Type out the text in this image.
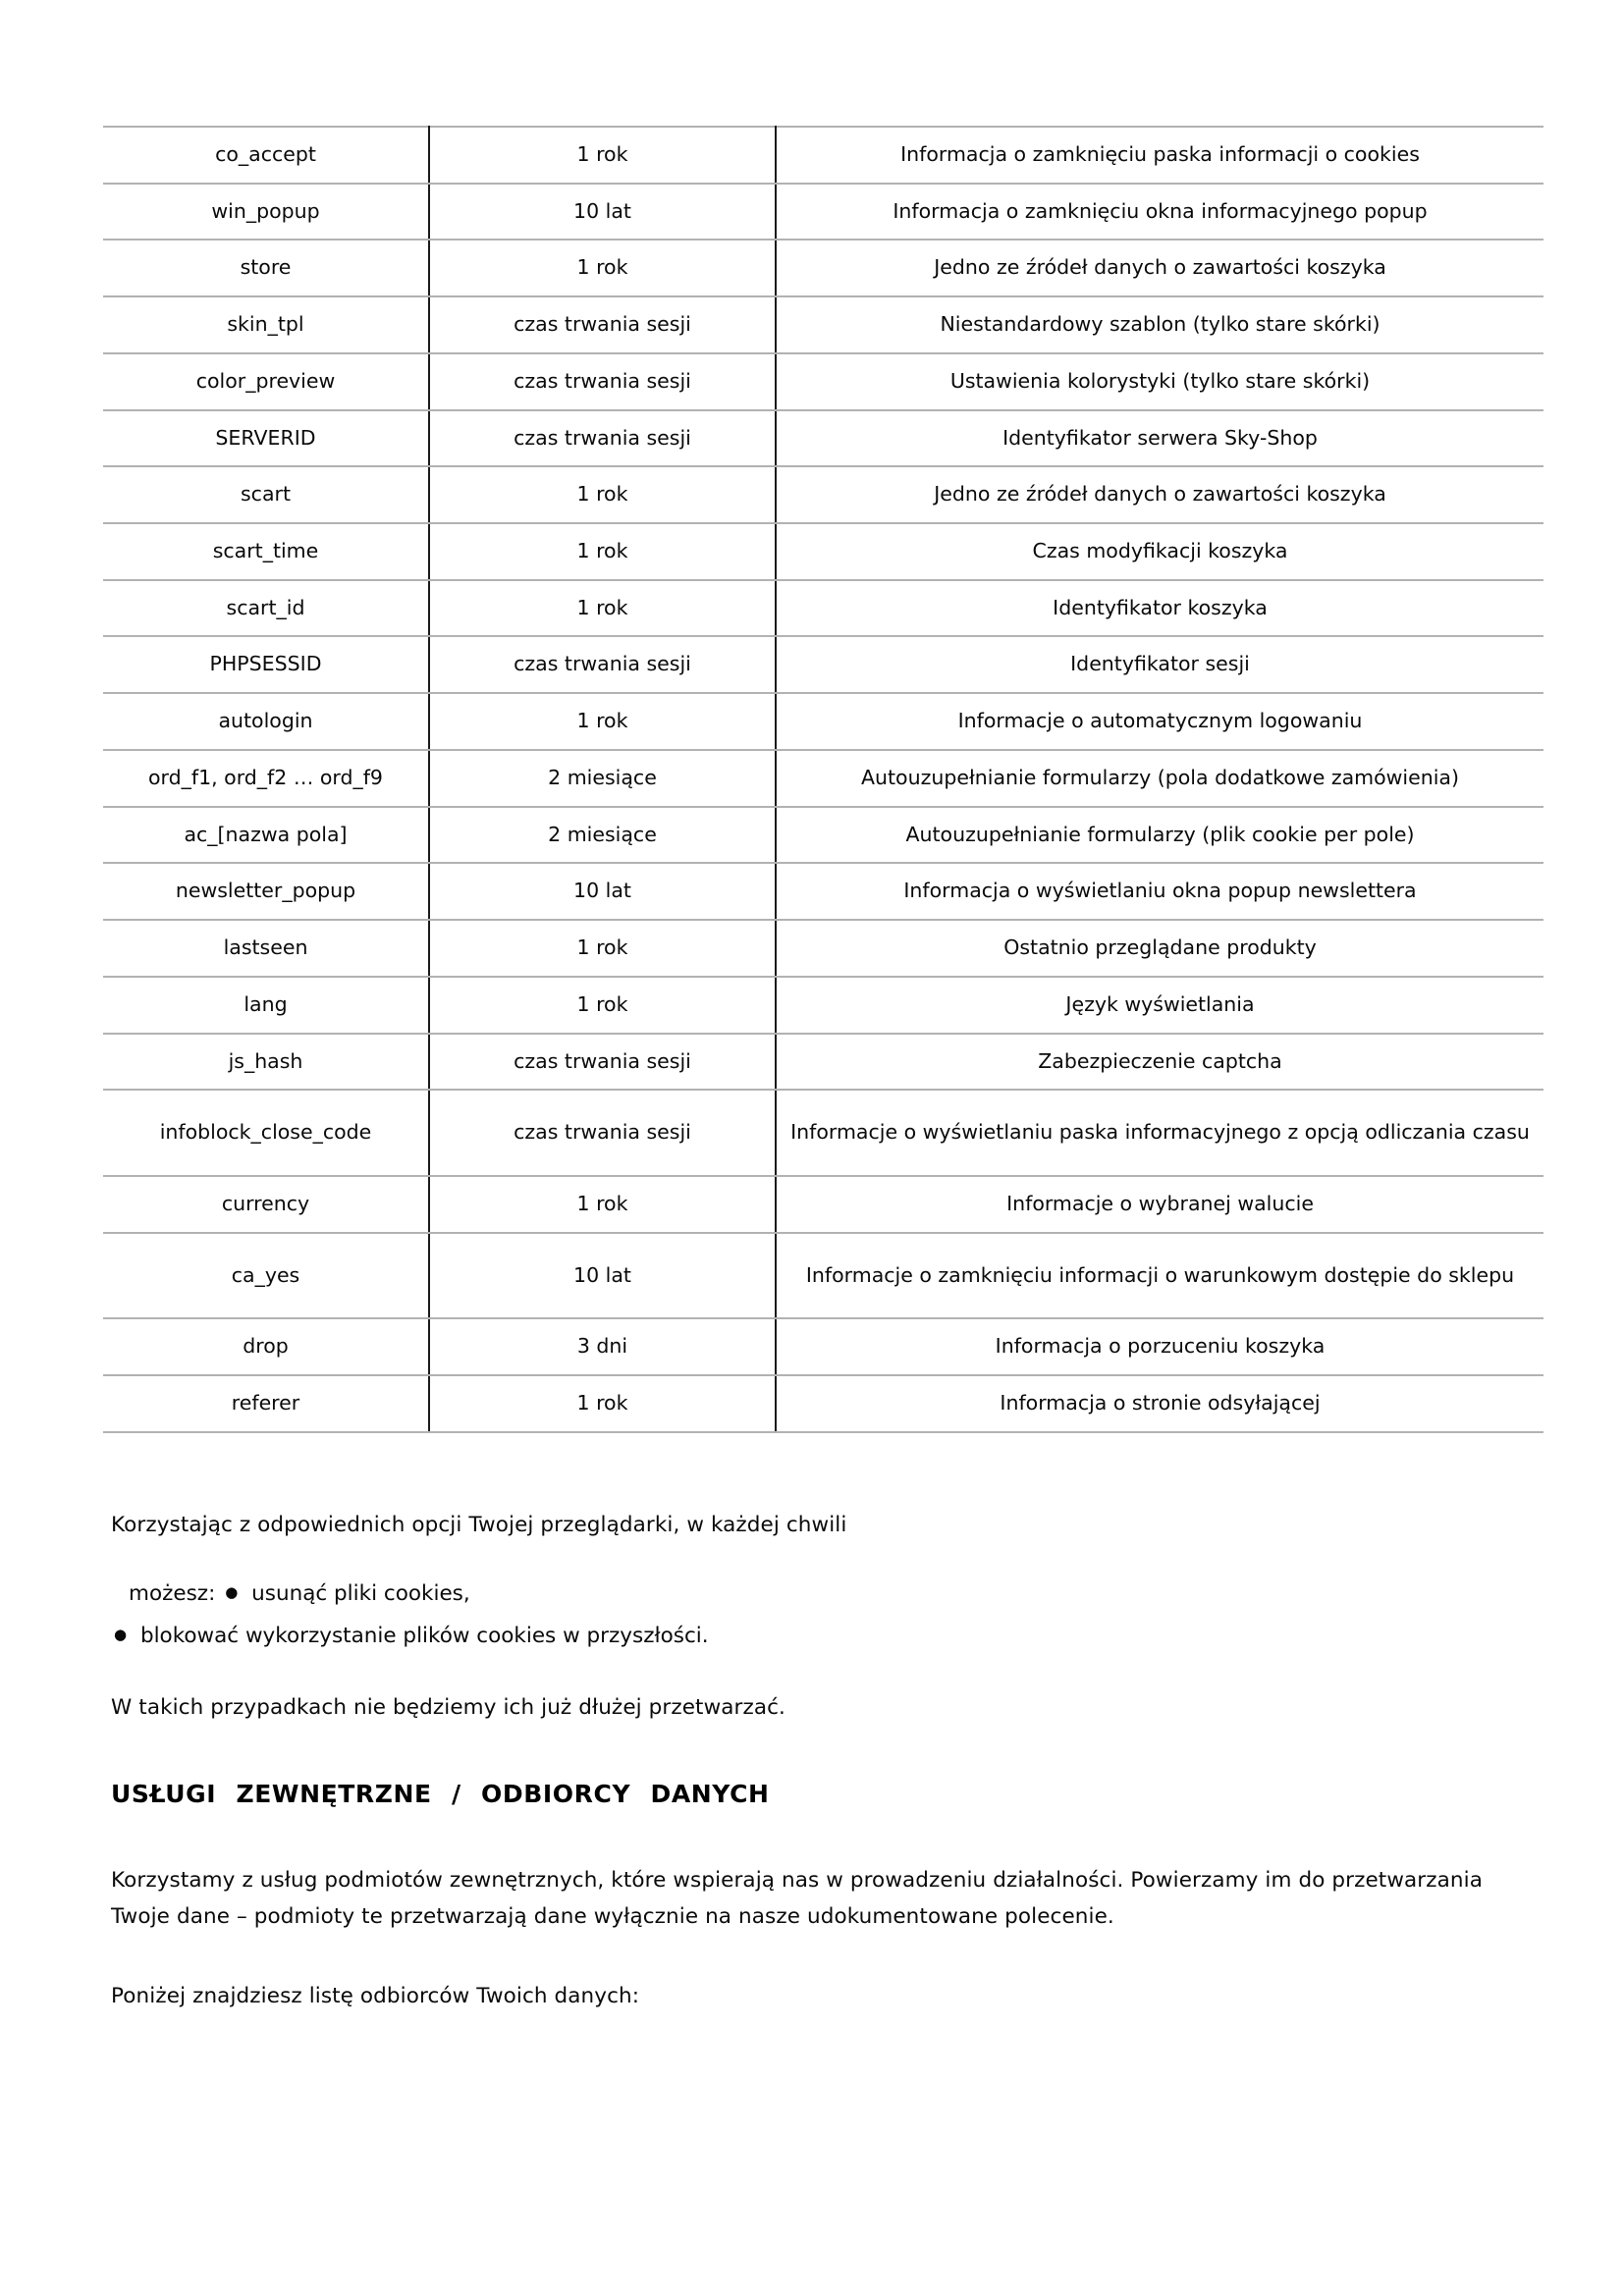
co_accept	1 rok	Informacja o zamknięciu paska informacji o cookies
win_popup	10 lat	Informacja o zamknięciu okna informacyjnego popup
store	1 rok	Jedno ze źródeł danych o zawartości koszyka
skin_tpl	czas trwania sesji	Niestandardowy szablon (tylko stare skórki)
color_preview	czas trwania sesji	Ustawienia kolorystyki (tylko stare skórki)
SERVERID	czas trwania sesji	Identyfikator serwera Sky-Shop
scart	1 rok	Jedno ze źródeł danych o zawartości koszyka
scart_time	1 rok	Czas modyfikacji koszyka
scart_id	1 rok	Identyfikator koszyka
PHPSESSID	czas trwania sesji	Identyfikator sesji
autologin	1 rok	Informacje o automatycznym logowaniu
ord_f1, ord_f2 … ord_f9	2 miesiące	Autouzupełnianie formularzy (pola dodatkowe zamówienia)
ac_[nazwa pola]	2 miesiące	Autouzupełnianie formularzy (plik cookie per pole)
newsletter_popup	10 lat	Informacja o wyświetlaniu okna popup newslettera
lastseen	1 rok	Ostatnio przeglądane produkty
lang	1 rok	Język wyświetlania
js_hash	czas trwania sesji	Zabezpieczenie captcha
infoblock_close_code	czas trwania sesji	Informacje o wyświetlaniu paska informacyjnego z opcją odliczania czasu
currency	1 rok	Informacje o wybranej walucie
ca_yes	10 lat	Informacje o zamknięciu informacji o warunkowym dostępie do sklepu
drop	3 dni	Informacja o porzuceniu koszyka
referer	1 rok	Informacja o stronie odsyłającej
Korzystając z odpowiednich opcji Twojej przeglądarki, w każdej chwili
możesz: ● usunąć pliki cookies,
● blokować wykorzystanie plików cookies w przyszłości.
W takich przypadkach nie będziemy ich już dłużej przetwarzać.
USŁUGI ZEWNĘTRZNE / ODBIORCY DANYCH
Korzystamy z usług podmiotów zewnętrznych, które wspierają nas w prowadzeniu działalności. Powierzamy im do przetwarzania Twoje dane – podmioty te przetwarzają dane wyłącznie na nasze udokumentowane polecenie.
Poniżej znajdziesz listę odbiorców Twoich danych:
